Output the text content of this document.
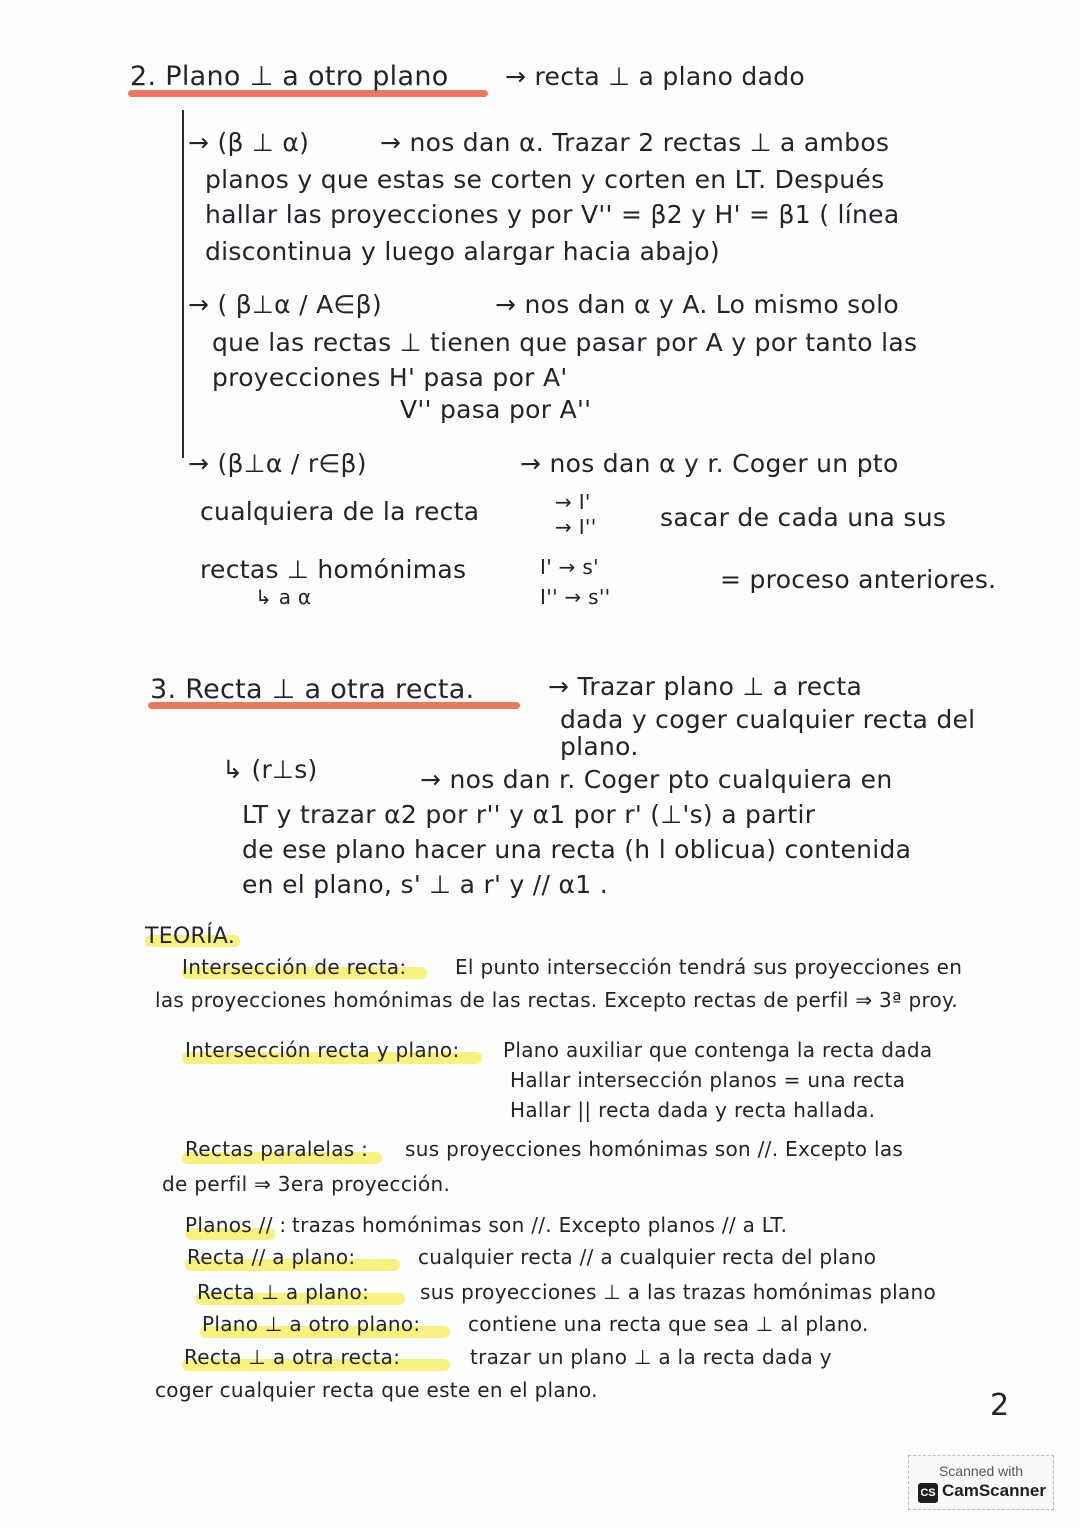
2. Plano ⊥ a otro plano → recta ⊥ a plano dado
→ (β ⊥ α)	→ nos dan α. Trazar 2 rectas ⊥ a ambos
planos y que estas se corten y corten en LT. Después
hallar las proyecciones y por V'' = β2 y H' = β1 ( línea
discontinua y luego alargar hacia abajo)
→ ( β⊥α / A∈β)	→ nos dan α y A. Lo mismo solo
que las rectas ⊥ tienen que pasar por A y por tanto las
proyecciones H' pasa por A'
V'' pasa por A''
→ (β⊥α / r∈β)	→ nos dan α y r. Coger un pto
cualquiera de la recta	→ I'
→ I''	sacar de cada una sus
rectas ⊥ homónimas
↳ a α
I' → s'
I'' → s''
= proceso anteriores.
3. Recta ⊥ a otra recta.	→ Trazar plano ⊥ a recta
dada y coger cualquier recta del
plano.
↳ (r⊥s)	→ nos dan r. Coger pto cualquiera en
LT y trazar α2 por r'' y α1 por r' (⊥'s) a partir
de ese plano hacer una recta (h l oblicua) contenida
en el plano, s' ⊥ a r' y // α1 .
TEORÍA.
Intersección de recta: El punto intersección tendrá sus proyecciones en
las proyecciones homónimas de las rectas. Excepto rectas de perfil ⇒ 3ª proy.
Intersección recta y plano: Plano auxiliar que contenga la recta dada
Hallar intersección planos = una recta
Hallar || recta dada y recta hallada.
Rectas paralelas : sus proyecciones homónimas son //. Excepto las
de perfil ⇒ 3era proyección.
Planos // : trazas homónimas son //. Excepto planos // a LT.
Recta // a plano:	cualquier recta // a cualquier recta del plano
Recta ⊥ a plano:	sus proyecciones ⊥ a las trazas homónimas plano
Plano ⊥ a otro plano: contiene una recta que sea ⊥ al plano.
Recta ⊥ a otra recta:	trazar un plano ⊥ a la recta dada y
coger cualquier recta que este en el plano.	2
Scanned with
CS CamScanner
